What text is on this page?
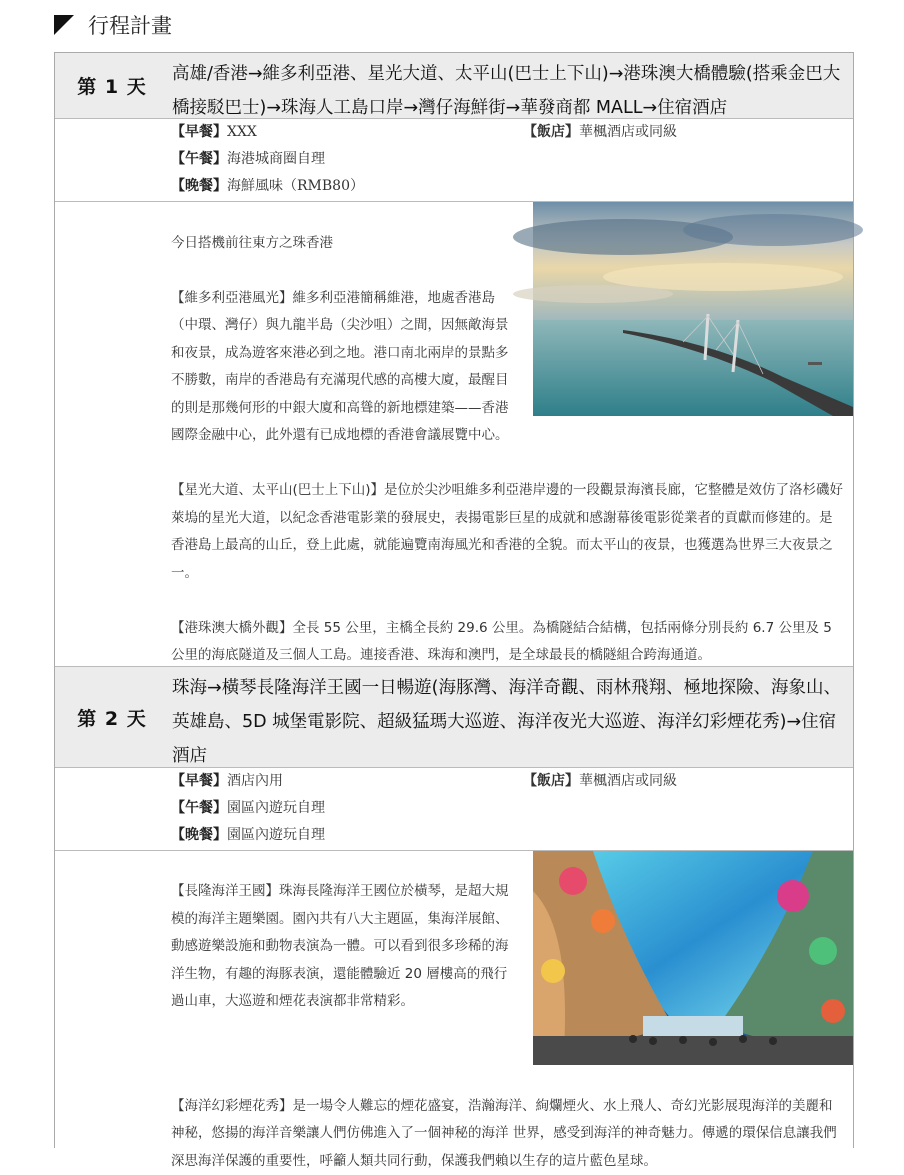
行程計畫
第 1 天
高雄/香港→維多利亞港、星光大道、太平山(巴士上下山)→港珠澳大橋體驗(搭乘金巴大橋接駁巴士)→珠海人工島口岸→灣仔海鮮街→華發商都 MALL→住宿酒店
【早餐】XXX
【午餐】海港城商圈自理
【晚餐】海鮮風味（RMB80）
【飯店】華楓酒店或同級

今日搭機前往東方之珠香港

【維多利亞港風光】維多利亞港簡稱維港，地處香港島（中環、灣仔）與九龍半島（尖沙咀）之間，因無敵海景和夜景，成為遊客來港必到之地。港口南北兩岸的景點多不勝數，南岸的香港島有充滿現代感的高樓大廈，最醒目的則是那幾何形的中銀大廈和高聳的新地標建築——香港國際金融中心，此外還有已成地標的香港會議展覽中心。

【星光大道、太平山(巴士上下山)】是位於尖沙咀維多利亞港岸邊的一段觀景海濱長廊，它整體是效仿了洛杉磯好萊塢的星光大道，以紀念香港電影業的發展史，表揚電影巨星的成就和感謝幕後電影從業者的貢獻而修建的。是香港島上最高的山丘，登上此處，就能遍覽南海風光和香港的全貌。而太平山的夜景，也獲選為世界三大夜景之一。

【港珠澳大橋外觀】全長 55 公里，主橋全長約 29.6 公里。為橋隧結合結構，包括兩條分別長約 6.7 公里及 5 公里的海底隧道及三個人工島。連接香港、珠海和澳門，是全球最長的橋隧組合跨海通道。

第 2 天
珠海→橫琴長隆海洋王國一日暢遊(海豚灣、海洋奇觀、雨林飛翔、極地探險、海象山、英雄島、5D 城堡電影院、超級猛瑪大巡遊、海洋夜光大巡遊、海洋幻彩煙花秀)→住宿酒店
【早餐】酒店內用
【午餐】園區內遊玩自理
【晚餐】園區內遊玩自理
【飯店】華楓酒店或同級

【長隆海洋王國】珠海長隆海洋王國位於橫琴，是超大規模的海洋主題樂園。園內共有八大主題區，集海洋展館、動感遊樂設施和動物表演為一體。可以看到很多珍稀的海洋生物，有趣的海豚表演，還能體驗近 20 層樓高的飛行過山車，大巡遊和煙花表演都非常精彩。

【海洋幻彩煙花秀】是一場令人難忘的煙花盛宴，浩瀚海洋、絢爛煙火、水上飛人、奇幻光影展現海洋的美麗和神秘，悠揚的海洋音樂讓人們仿佛進入了一個神秘的海洋 世界，感受到海洋的神奇魅力。傳遞的環保信息讓我們深思海洋保護的重要性，呼籲人類共同行動，保護我們賴以生存的這片藍色星球。
